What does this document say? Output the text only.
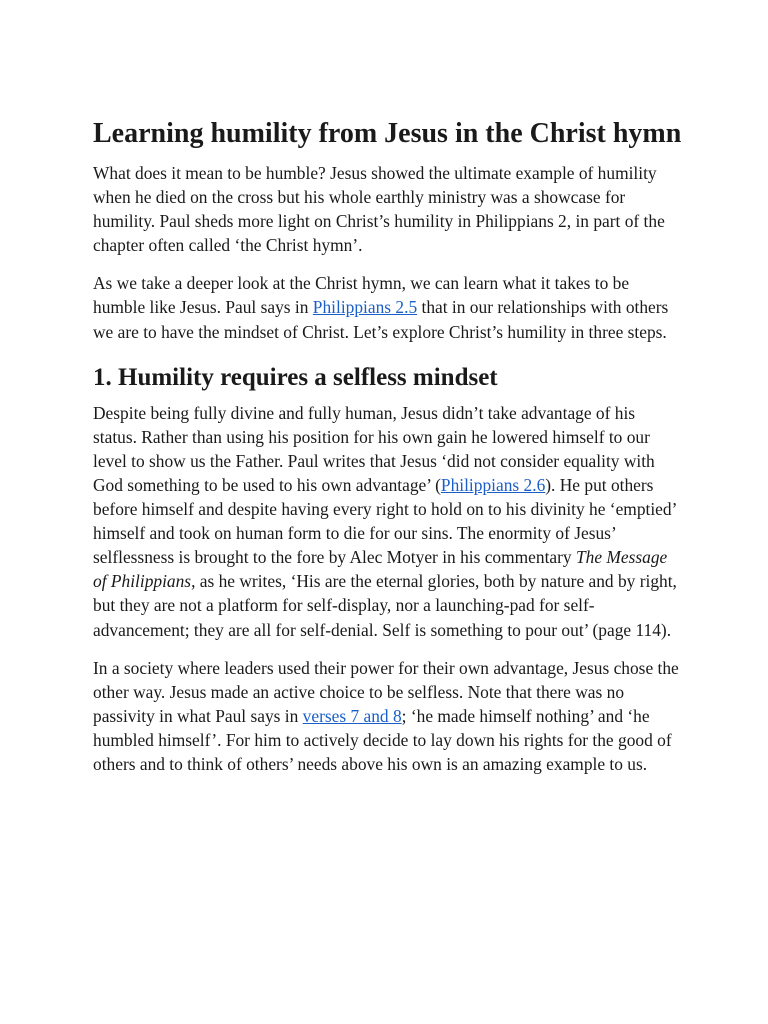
Learning humility from Jesus in the Christ hymn

What does it mean to be humble? Jesus showed the ultimate example of humility when he died on the cross but his whole earthly ministry was a showcase for humility. Paul sheds more light on Christ’s humility in Philippians 2, in part of the chapter often called ‘the Christ hymn’.

As we take a deeper look at the Christ hymn, we can learn what it takes to be humble like Jesus. Paul says in Philippians 2.5 that in our relationships with others we are to have the mindset of Christ. Let’s explore Christ’s humility in three steps.

1. Humility requires a selfless mindset

Despite being fully divine and fully human, Jesus didn’t take advantage of his status. Rather than using his position for his own gain he lowered himself to our level to show us the Father. Paul writes that Jesus ‘did not consider equality with God something to be used to his own advantage’ (Philippians 2.6). He put others before himself and despite having every right to hold on to his divinity he ‘emptied’ himself and took on human form to die for our sins. The enormity of Jesus’ selflessness is brought to the fore by Alec Motyer in his commentary The Message of Philippians, as he writes, ‘His are the eternal glories, both by nature and by right, but they are not a platform for self-display, nor a launching-pad for self-advancement; they are all for self-denial. Self is something to pour out’ (page 114).

In a society where leaders used their power for their own advantage, Jesus chose the other way. Jesus made an active choice to be selfless. Note that there was no passivity in what Paul says in verses 7 and 8; ‘he made himself nothing’ and ‘he humbled himself’. For him to actively decide to lay down his rights for the good of others and to think of others’ needs above his own is an amazing example to us.
